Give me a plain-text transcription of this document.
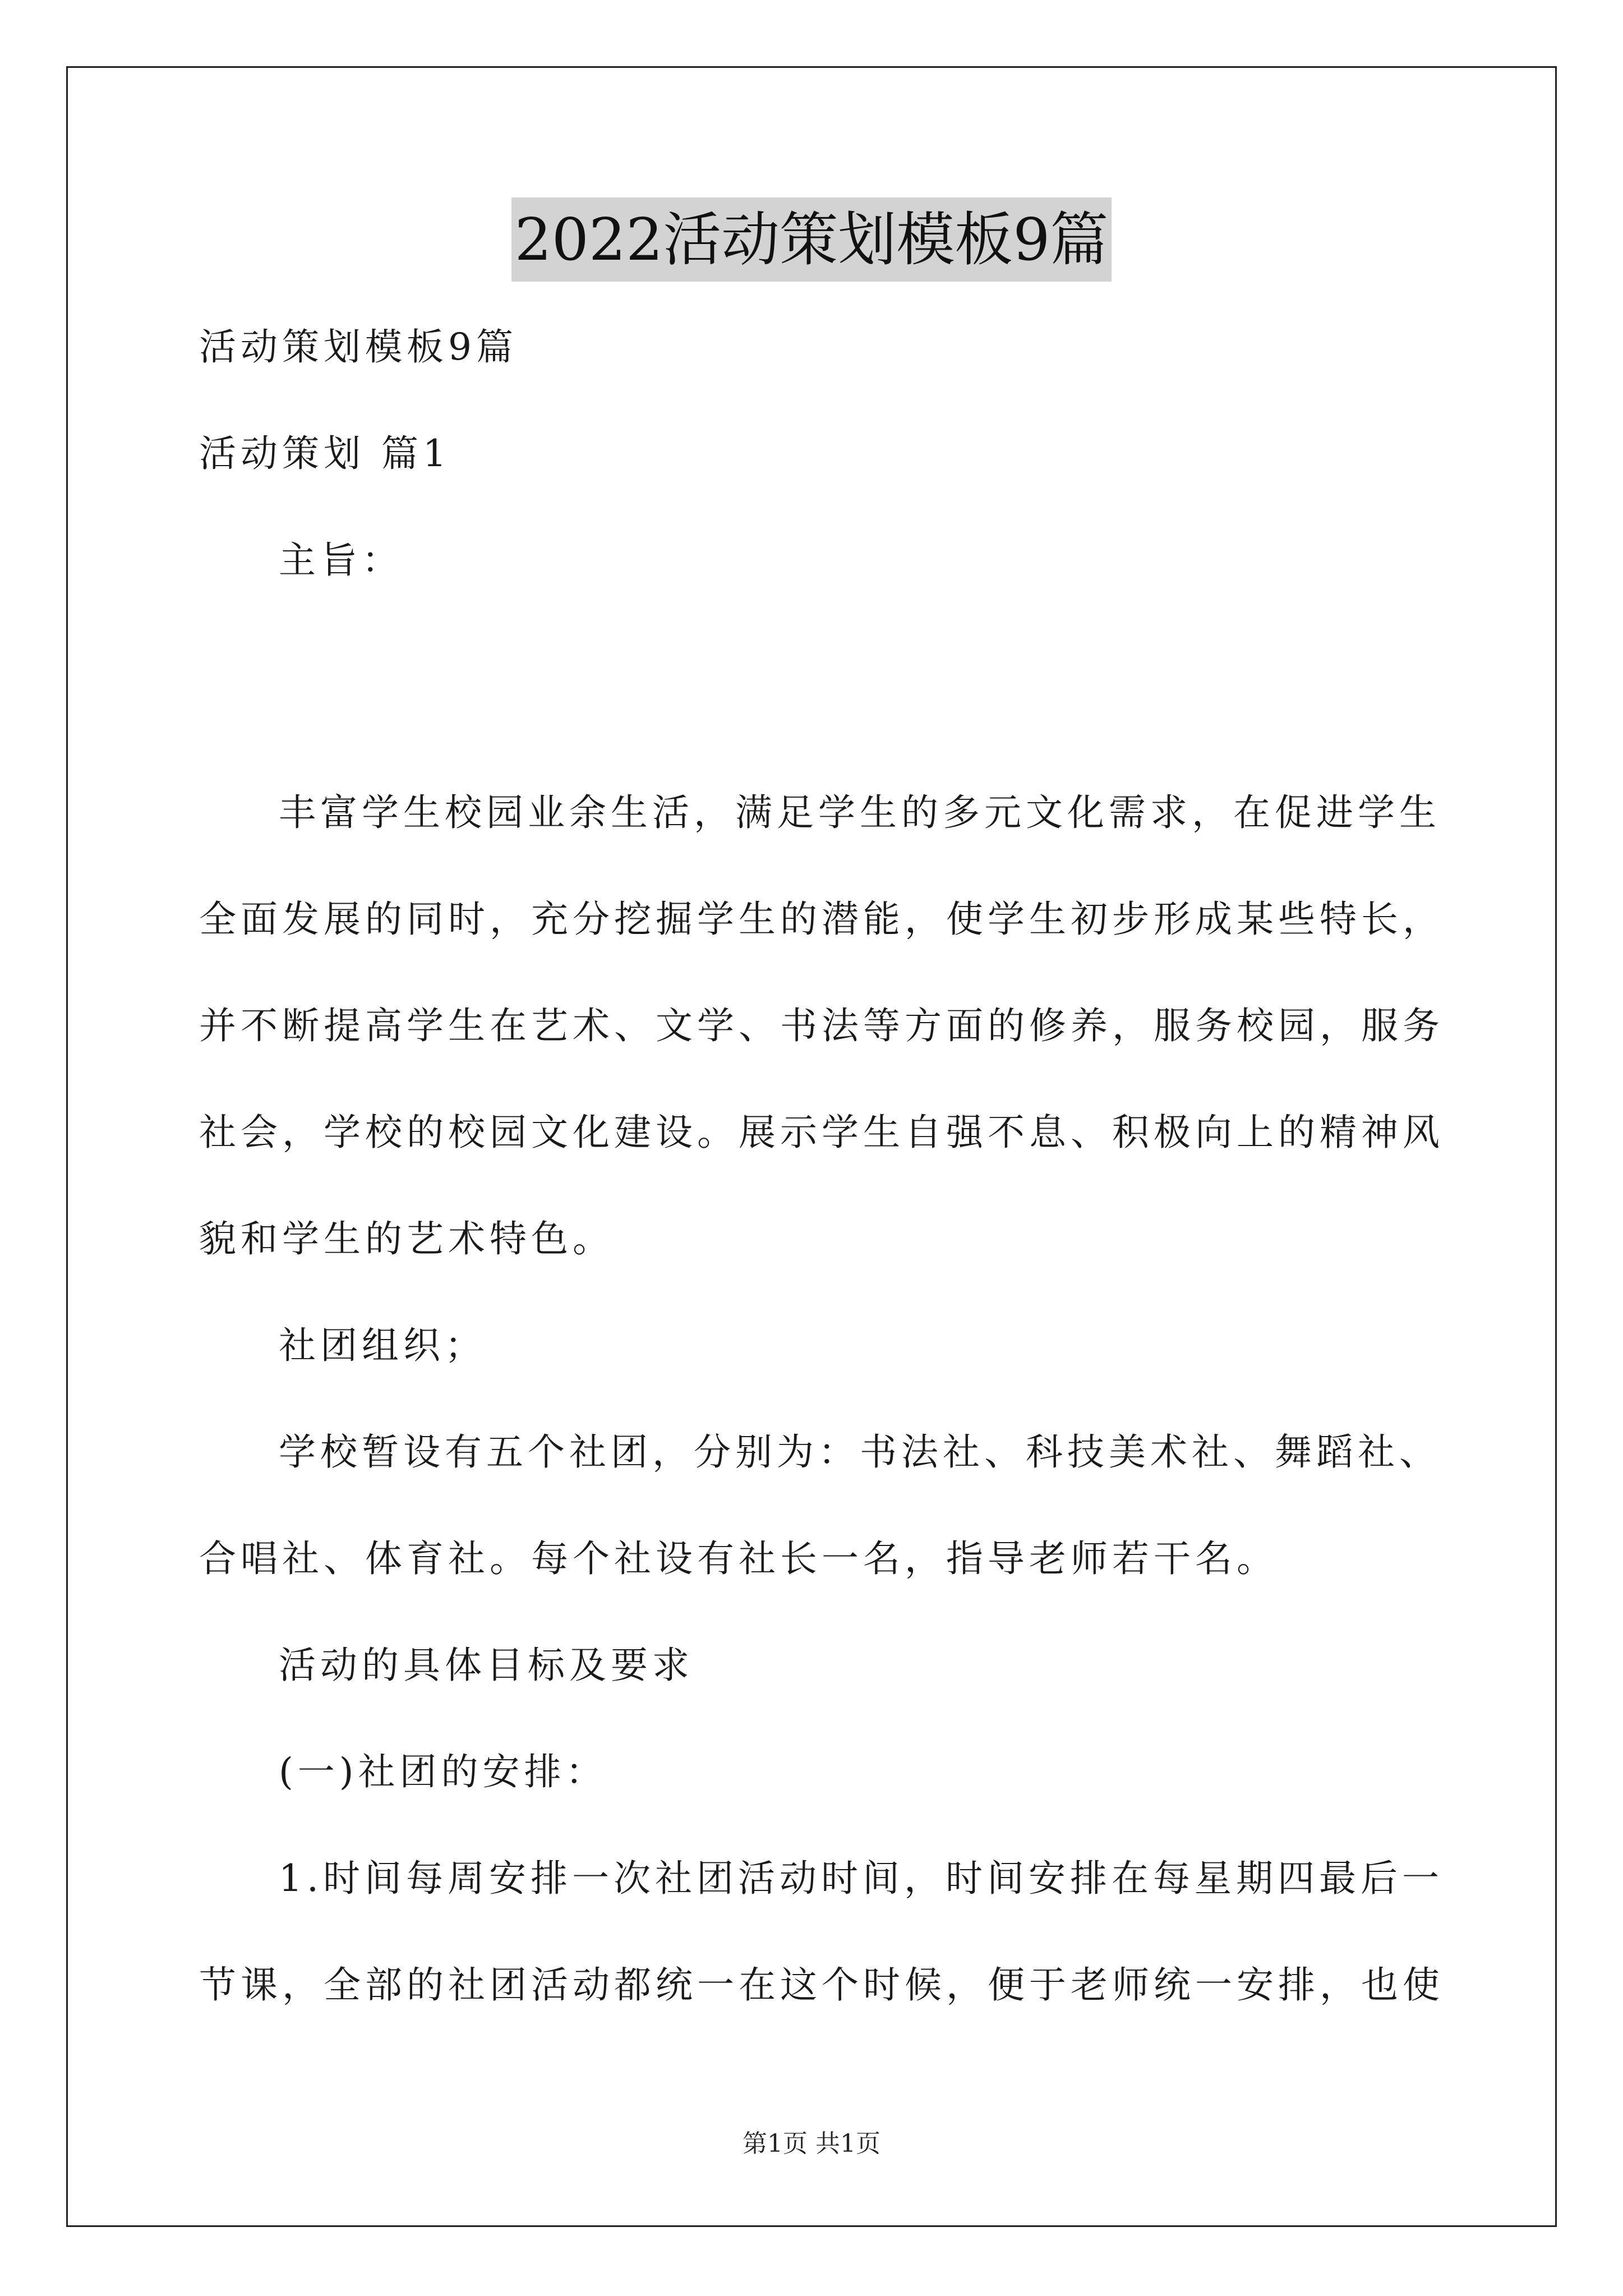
2022活动策划模板9篇
活动策划模板9篇
活动策划 篇1
主旨：
丰富学生校园业余生活，满足学生的多元文化需求，在促进学生
全面发展的同时，充分挖掘学生的潜能，使学生初步形成某些特长，
并不断提高学生在艺术、文学、书法等方面的修养，服务校园，服务
社会，学校的校园文化建设。展示学生自强不息、积极向上的精神风
貌和学生的艺术特色。
社团组织；
学校暂设有五个社团，分别为：书法社、科技美术社、舞蹈社、
合唱社、体育社。每个社设有社长一名，指导老师若干名。
活动的具体目标及要求
(一)社团的安排：
1.时间每周安排一次社团活动时间，时间安排在每星期四最后一
节课，全部的社团活动都统一在这个时候，便于老师统一安排，也使
第1页 共1页
